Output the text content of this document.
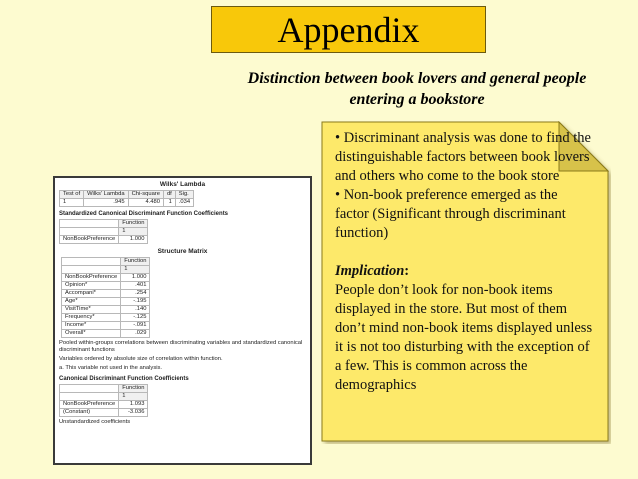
Appendix
Distinction between book lovers and general people
entering a bookstore
Wilks' Lambda
Test of	Wilks' Lambda	Chi-square	df	Sig.
1	.945	4.480	1	.034
Standardized Canonical Discriminant Function Coefficients
	Function
	1
NonBookPreference	1.000
Structure Matrix
	Function
	1
NonBookPreference	1.000
Opinion*	.401
Accompani*	.254
Age*	-.195
VisitTime*	.140
Frequency*	-.125
Income*	-.091
Overall*	.029
Pooled within-groups correlations between discriminating variables and standardized canonical discriminant functions
Variables ordered by absolute size of correlation within function.
a. This variable not used in the analysis.
Canonical Discriminant Function Coefficients
	Function
	1
NonBookPreference	1.093
(Constant)	-3.036
Unstandardized coefficients

• Discriminant analysis was done to find the distinguishable factors between book lovers and others who come to the book store

• Non-book preference emerged as the factor (Significant through discriminant function)

Implication:

People don’t look for non-book items displayed in the store. But most of them don’t mind non-book items displayed unless it is not too disturbing with the exception of a few. This is common across the demographics
